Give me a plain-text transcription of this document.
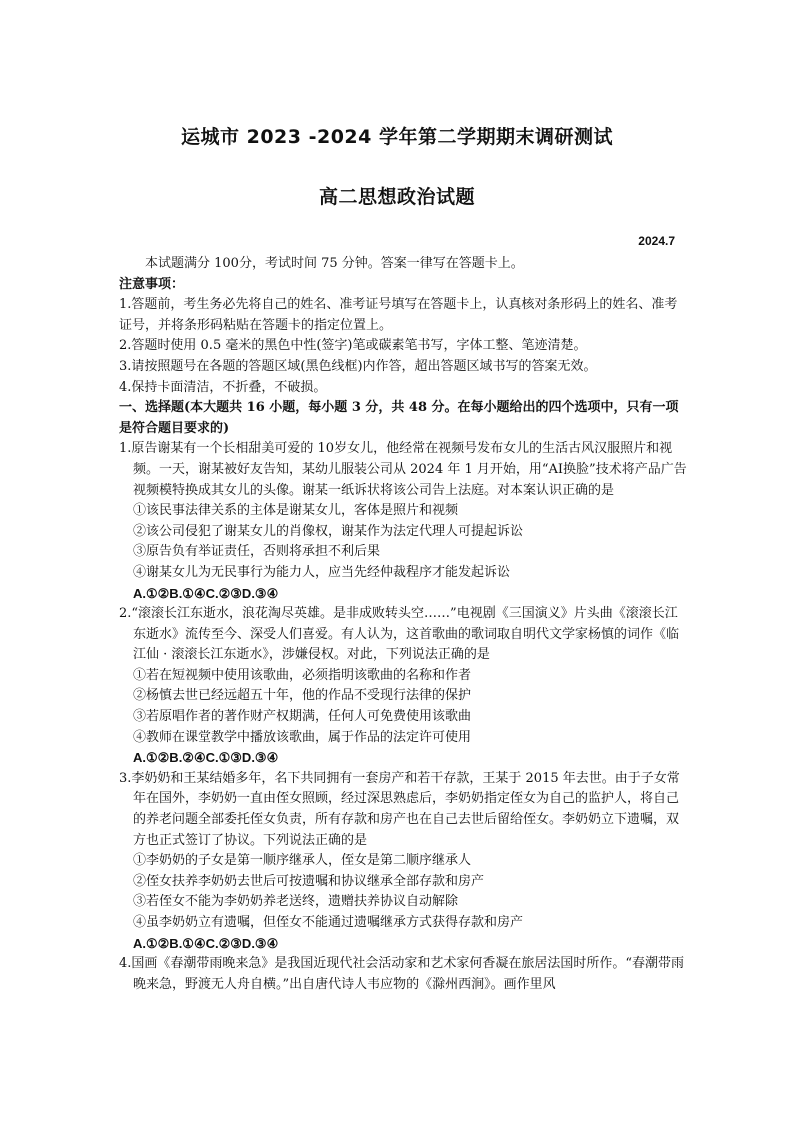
运城市 2023 -2024 学年第二学期期末调研测试
高二思想政治试题
2024.7

本试题满分 100分，考试时间 75 分钟。答案一律写在答题卡上。

注意事项：

1.答题前，考生务必先将自己的姓名、准考证号填写在答题卡上，认真核对条形码上的姓名、准考证号，并将条形码粘贴在答题卡的指定位置上。

2.答题时使用 0.5 毫米的黑色中性(签字)笔或碳素笔书写，字体工整、笔迹清楚。

3.请按照题号在各题的答题区域(黑色线框)内作答，超出答题区域书写的答案无效。

4.保持卡面清洁，不折叠，不破损。

一、选择题(本大题共 16 小题，每小题 3 分，共 48 分。在每小题给出的四个选项中，只有一项是符合题目要求的)

1.原告谢某有一个长相甜美可爱的 10岁女儿，他经常在视频号发布女儿的生活古风汉服照片和视频。一天，谢某被好友告知，某幼儿服装公司从 2024 年 1 月开始，用“AI换脸”技术将产品广告视频模特换成其女儿的头像。谢某一纸诉状将该公司告上法庭。对本案认识正确的是

①该民事法律关系的主体是谢某女儿，客体是照片和视频

②该公司侵犯了谢某女儿的肖像权，谢某作为法定代理人可提起诉讼

③原告负有举证责任，否则将承担不利后果

④谢某女儿为无民事行为能力人，应当先经仲裁程序才能发起诉讼

A.①②B.①④C.②③D.③④

2.“滚滚长江东逝水，浪花淘尽英雄。是非成败转头空……”电视剧《三国演义》片头曲《滚滚长江东逝水》流传至今、深受人们喜爱。有人认为，这首歌曲的歌词取自明代文学家杨慎的词作《临江仙 · 滚滚长江东逝水》，涉嫌侵权。对此，下列说法正确的是

①若在短视频中使用该歌曲，必须指明该歌曲的名称和作者

②杨慎去世已经远超五十年，他的作品不受现行法律的保护

③若原唱作者的著作财产权期满，任何人可免费使用该歌曲

④教师在课堂教学中播放该歌曲，属于作品的法定许可使用

A.①②B.②④C.①③D.③④

3.李奶奶和王某结婚多年，名下共同拥有一套房产和若干存款，王某于 2015 年去世。由于子女常年在国外，李奶奶一直由侄女照顾，经过深思熟虑后，李奶奶指定侄女为自己的监护人，将自己的养老问题全部委托侄女负责，所有存款和房产也在自己去世后留给侄女。李奶奶立下遗嘱，双方也正式签订了协议。下列说法正确的是

①李奶奶的子女是第一顺序继承人，侄女是第二顺序继承人

②侄女扶养李奶奶去世后可按遗嘱和协议继承全部存款和房产

③若侄女不能为李奶奶养老送终，遗赠扶养协议自动解除

④虽李奶奶立有遗嘱，但侄女不能通过遗嘱继承方式获得存款和房产

A.①②B.①④C.②③D.③④

4.国画《春潮带雨晚来急》是我国近现代社会活动家和艺术家何香凝在旅居法国时所作。“春潮带雨晚来急，野渡无人舟自横。”出自唐代诗人韦应物的《滁州西涧》。画作里风
